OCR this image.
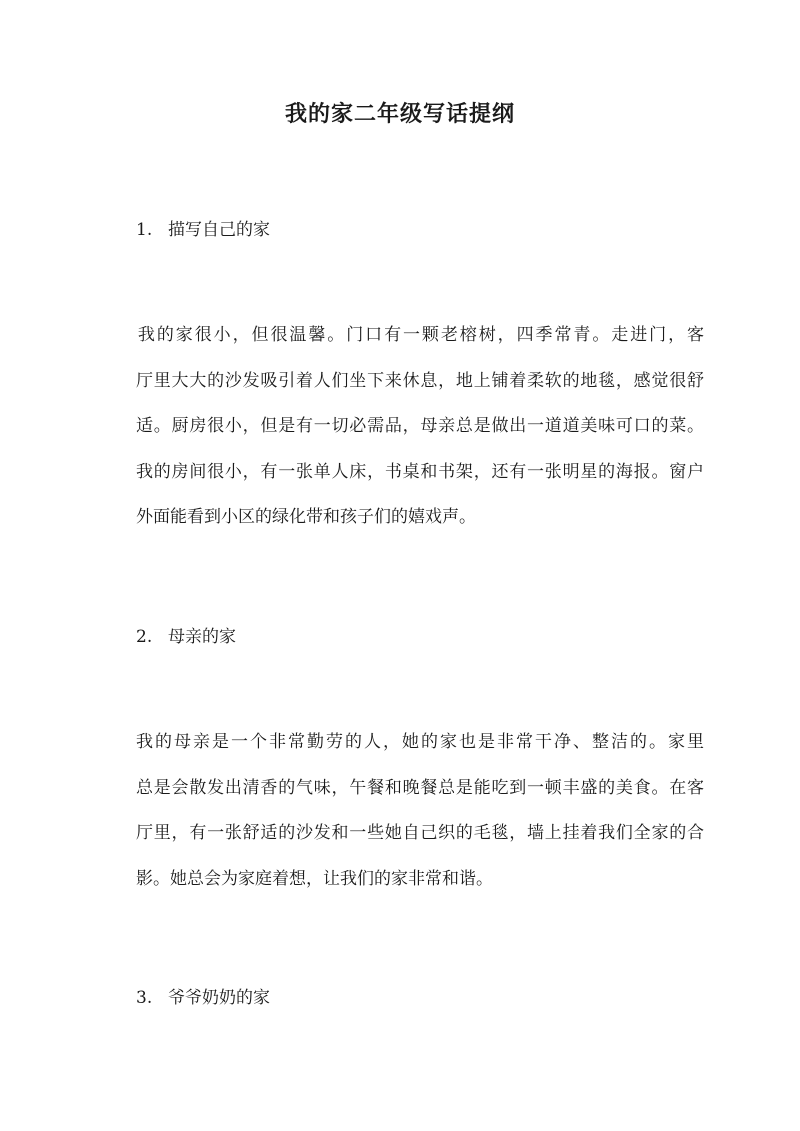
我的家二年级写话提纲
1. 描写自己的家
我的家很小，但很温馨。门口有一颗老榕树，四季常青。走进门，客
厅里大大的沙发吸引着人们坐下来休息，地上铺着柔软的地毯，感觉很舒
适。厨房很小，但是有一切必需品，母亲总是做出一道道美味可口的菜。
我的房间很小，有一张单人床，书桌和书架，还有一张明星的海报。窗户
外面能看到小区的绿化带和孩子们的嬉戏声。
2. 母亲的家
我的母亲是一个非常勤劳的人，她的家也是非常干净、整洁的。家里
总是会散发出清香的气味，午餐和晚餐总是能吃到一顿丰盛的美食。在客
厅里，有一张舒适的沙发和一些她自己织的毛毯，墙上挂着我们全家的合
影。她总会为家庭着想，让我们的家非常和谐。
3. 爷爷奶奶的家
